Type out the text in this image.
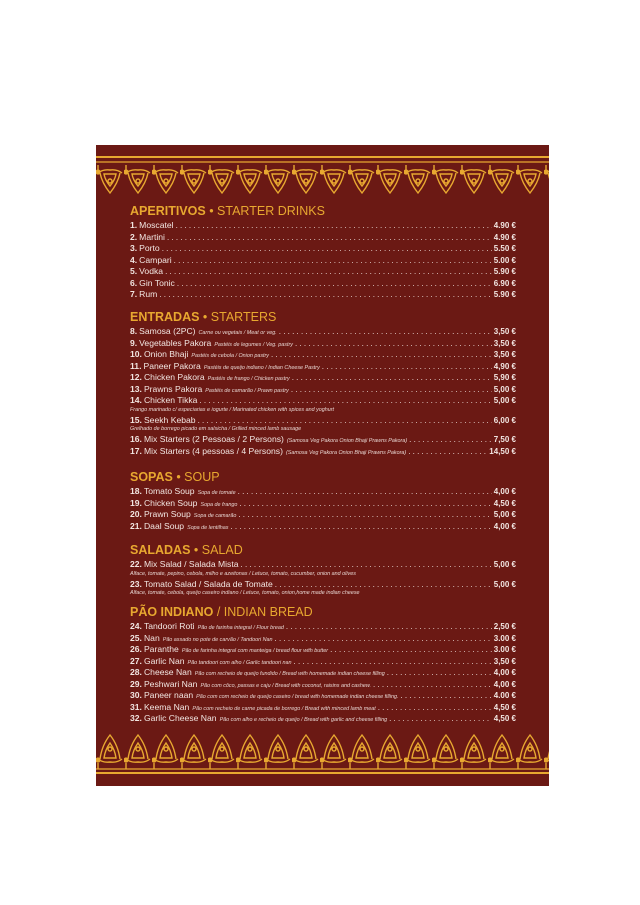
APERITIVOS • STARTER DRINKS
1. Moscatel . . .	4.90 €
2. Martini . . .	4.90 €
3. Porto . . .	5.50 €
4. Campari . . .	5.00 €
5. Vodka . . .	5.90 €
6. Gin Tonic . . .	6.90 €
7. Rum . . .	5.90 €
ENTRADAS • STARTERS
8. Samosa (2PC) Carne ou vegetais / Meat or veg. . . .	3,50 €
9. Vegetables Pakora Pastéis de legumes / Veg. pastry . . .	3,50 €
10. Onion Bhaji Pastéis de cebola / Onion pastry . . .	3,50 €
11. Paneer Pakora Pastéis de queijo indiano / Indian Cheese Pastry . . .	4,90 €
12. Chicken Pakora Pastéis de frango / Chicken pastry . . .	5,90 €
13. Prawns Pakora Pastéis de camarão / Prawn pastry . . .	5,00 €
14. Chicken Tikka . . .	5,00 €
Frango marinado c/ especiarias e iogurte / Marinated chicken with spices and yoghurt
15. Seekh Kebab . . .	6,00 €
Grelhado de borrego picado em salsicha / Grilled minced lamb sausage
16. Mix Starters (2 Pessoas / 2 Persons) (Samosa Veg Pakora Onion Bhaji Prawns Pakora) . . .	7,50 €
17. Mix Starters (4 pessoas / 4 Persons) (Samosa Veg Pakora Onion Bhaji Prawns Pakora) . . .	14,50 €
SOPAS • SOUP
18. Tomato Soup Sopa de tomate . . .	4,00 €
19. Chicken Soup Sopa de frango . . .	4,50 €
20. Prawn Soup Sopa de camarão . . .	5,00 €
21. Daal Soup Sopa de lentilhas . . .	4,00 €
SALADAS • SALAD
22. Mix Salad / Salada Mista . . .	5,00 €
Alface, tomate, pepino, cebola, milho e azeitonas / Letuce, tomato, cucumber, onion and olives
23. Tomato Salad / Salada de Tomate . . .	5,00 €
Alface, tomate, cebola, queijo caseiro indiano / Letuce, tomato, onion,home made indian cheese
PÃO INDIANO / INDIAN BREAD
24. Tandoori Roti Pão de farinha integral / Flour bread . . .	2,50 €
25. Nan Pão assado no pote de carvão / Tandoori Nan . . .	3.00 €
26. Paranthe Pão de farinha integral com manteiga / bread flour with butter . . .	3.00 €
27. Garlic Nan Pão tandoori com alho / Garlic tandoori nan . . .	3,50 €
28. Cheese Nan Pão com recheio de queijo fundido / Bread with homemade indian cheese filling . . .	4,00 €
29. Peshwari Nan Pão com côco, passas e caju / Bread with coconut, raisins and cashew. . . .	4,00 €
30. Paneer naan Pão com com recheio de queijo caseiro / bread with homemade indian cheese filling. . . .	4.00 €
31. Keema Nan Pão com recheio de carne picada de borrego / Bread with minced lamb meat . . .	4,50 €
32. Garlic Cheese Nan Pão com alho e recheio de queijo / Bread with garlic and cheese filling . . .	4,50 €
